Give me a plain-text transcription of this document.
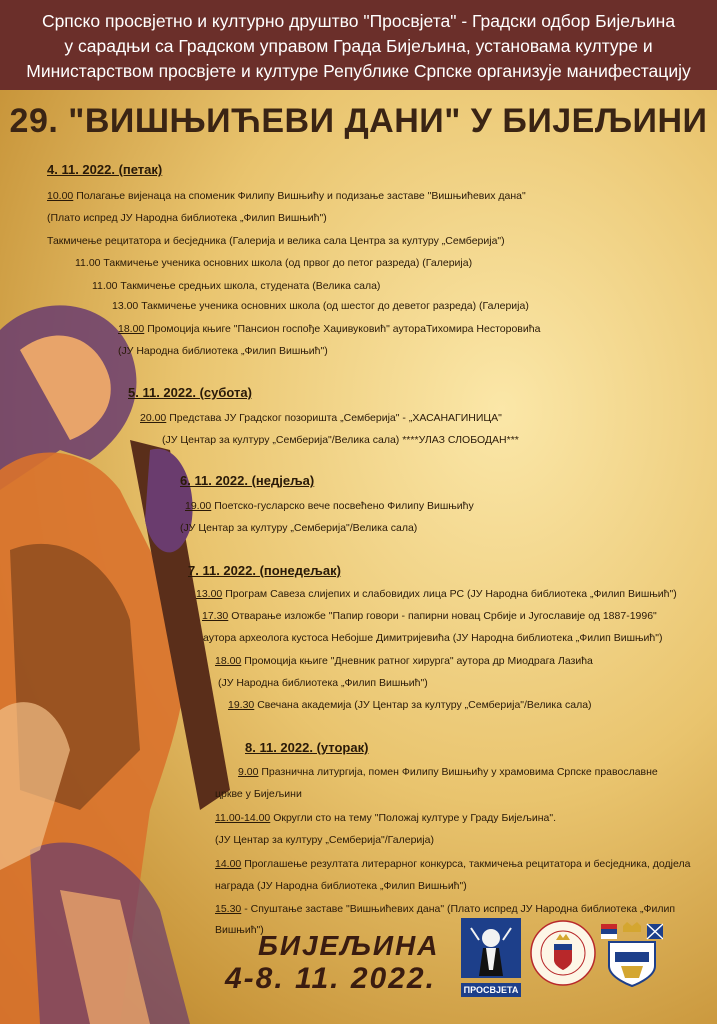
Српско просвјетно и културно друштво "Просвјета" - Градски одбор Бијељина
у сарадњи са Градском управом Града Бијељина, установама културе и
Министарством просвјете и културе Републике Српске организује манифестацију
29. "ВИШЊИЋЕВИ ДАНИ" У БИЈЕЉИНИ
4. 11. 2022. (петак)
10.00 Полагање вијенаца на споменик Филипу Вишњићу и подизање заставе "Вишњићевих дана"
(Плато испред ЈУ Народна библиотека „Филип Вишњић")
Такмичење рецитатора и бесједника (Галерија и велика сала Центра за културу „Семберија")
11.00 Такмичење ученика основних школа (од првог до петог разреда) (Галерија)
11.00 Такмичење средњих школа, студената (Велика сала)
13.00 Такмичење ученика основних школа (од шестог до деветог разреда) (Галерија)
18.00 Промоција књиге "Пансион госпође Хаџивуковић" аутораТихомира Несторовића
(ЈУ Народна библиотека „Филип Вишњић")
5. 11. 2022. (субота)
20.00 Представа ЈУ Градског позоришта „Семберија" - „ХАСАНАГИНИЦА"
(ЈУ Центар за културу „Семберија"/Велика сала) ****УЛАЗ СЛОБОДАН***
6. 11. 2022. (недјеља)
19.00 Поетско-гусларско вече посвећено Филипу Вишњићу
(ЈУ Центар за културу „Семберија"/Велика сала)
7. 11. 2022. (понедељак)
13.00 Програм Савеза слијепих и слабовидих лица РС (ЈУ Народна библиотека „Филип Вишњић")
17.30 Отварање изложбе "Папир говори - папирни новац Србије и Југославије од 1887-1996"
аутора археолога кустоса Небојше Димитријевића (ЈУ Народна библиотека „Филип Вишњић")
18.00 Промоција књиге "Дневник ратног хирурга" аутора др Миодрага Лазића
(ЈУ Народна библиотека „Филип Вишњић")
19.30 Свечана академија (ЈУ Центар за културу „Семберија"/Велика сала)
8. 11. 2022. (уторак)
9.00 Празнична литургија, помен Филипу Вишњићу у храмовима Српске православне
цркве у Бијељини
11.00-14.00 Округли сто на тему "Положај културе у Граду Бијељина".
(ЈУ Центар за културу „Семберија"/Галерија)
14.00 Проглашење резултата литерарног конкурса, такмичења рецитатора и бесједника, додјела
награда (ЈУ Народна библиотека „Филип Вишњић")
15.30 - Спуштање заставе "Вишњићевих дана" (Плато испред ЈУ Народна библиотека „Филип
Вишњић")
БИЈЕЉИНА
4-8. 11. 2022.	ПРОСВЈЕТА
